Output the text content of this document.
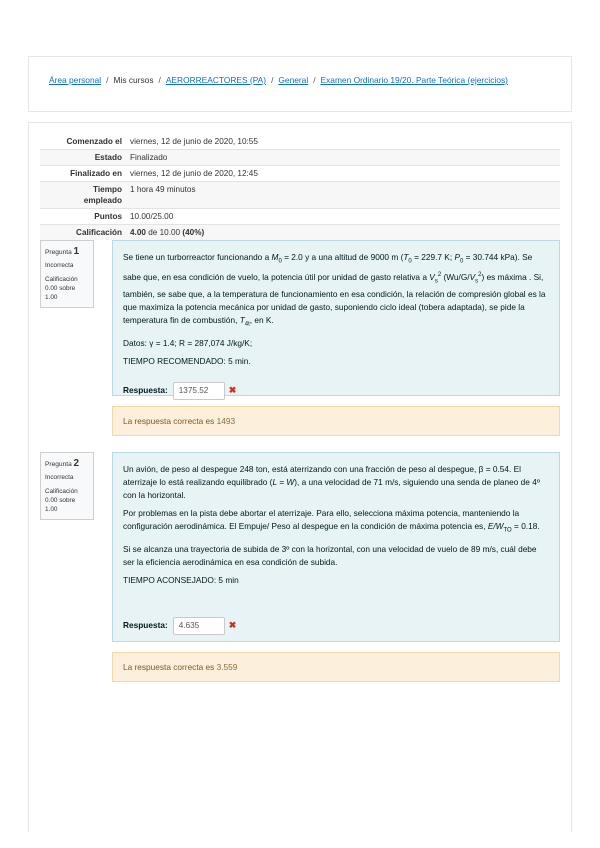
Área personal / Mis cursos / AERORREACTORES (PA) / General / Examen Ordinario 19/20. Parte Teórica (ejercicios)
Comenzado el	viernes, 12 de junio de 2020, 10:55
Estado	Finalizado
Finalizado en	viernes, 12 de junio de 2020, 12:45
Tiempo
empleado	1 hora 49 minutos
Puntos	10.00/25.00
Calificación	4.00 de 10.00 (40%)
Pregunta 1
Incorrecta
Calificación 0.00 sobre 1.00

Se tiene un turborreactor funcionando a $M_0 = 2.0$ y a una altitud de 9000 m ($T_0 = 229.7$ K; $P_0 = 30.744$ kPa). Se sabe que, en esa condición de vuelo, la potencia útil por unidad de gasto relativa a $V_s^2$ $(Wu/G/V_s^2)$ es máxima . Si, también, se sabe que, a la temperatura de funcionamiento en esa condición, la relación de compresión global es la que maximiza la potencia mecánica por unidad de gasto, suponiendo ciclo ideal (tobera adaptada), se pide la temperatura fin de combustión, $T_{4t}$, en K.

Datos: γ = 1.4; R = 287,074 J/kg/K;

TIEMPO RECOMENDADO: 5 min.

Respuesta:	1375.52	✖
La respuesta correcta es 1493
Pregunta 2
Incorrecta
Calificación 0.00 sobre 1.00

Un avión, de peso al despegue 248 ton, está aterrizando con una fracción de peso al despegue, β = 0.54. El aterrizaje lo está realizando equilibrado (L = W), a una velocidad de 71 m/s, siguiendo una senda de planeo de 4º con la horizontal.

Por problemas en la pista debe abortar el aterrizaje. Para ello, selecciona máxima potencia, manteniendo la configuración aerodinámica. El Empuje/ Peso al despegue en la condición de máxima potencia es, $E/W_{TO} = 0.18$.

Si se alcanza una trayectoria de subida de 3º con la horizontal, con una velocidad de vuelo de 89 m/s, cuál debe ser la eficiencia aerodinámica en esa condición de subida.

TIEMPO ACONSEJADO: 5 min

Respuesta:	4.635	✖
La respuesta correcta es 3.559
